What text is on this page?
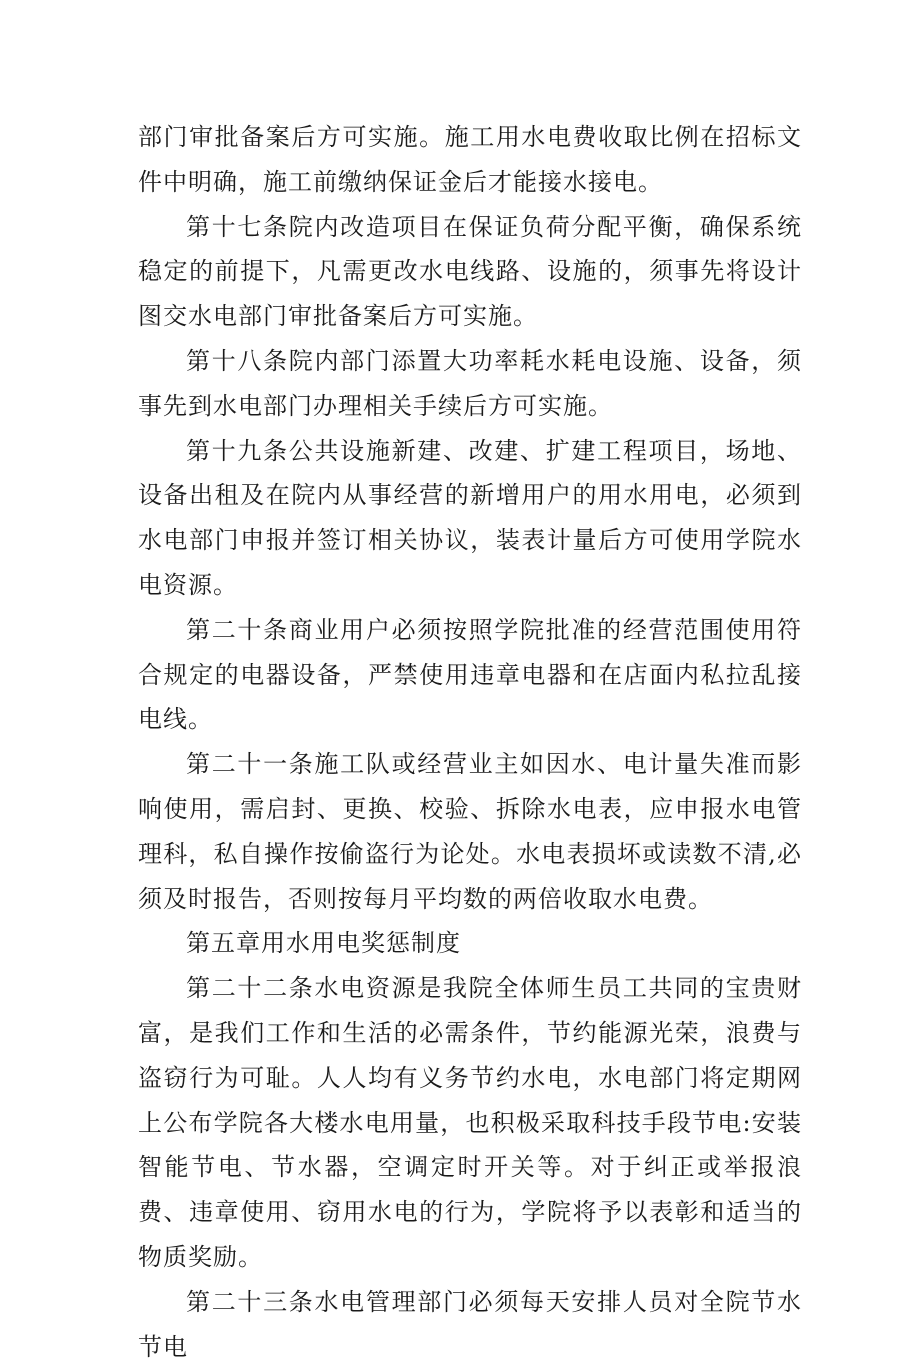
部门审批备案后方可实施。施工用水电费收取比例在招标文件中明确，施工前缴纳保证金后才能接水接电。

第十七条院内改造项目在保证负荷分配平衡，确保系统稳定的前提下，凡需更改水电线路、设施的，须事先将设计图交水电部门审批备案后方可实施。

第十八条院内部门添置大功率耗水耗电设施、设备，须事先到水电部门办理相关手续后方可实施。

第十九条公共设施新建、改建、扩建工程项目，场地、设备出租及在院内从事经营的新增用户的用水用电，必须到水电部门申报并签订相关协议，装表计量后方可使用学院水电资源。

第二十条商业用户必须按照学院批准的经营范围使用符合规定的电器设备，严禁使用违章电器和在店面内私拉乱接电线。

第二十一条施工队或经营业主如因水、电计量失准而影响使用，需启封、更换、校验、拆除水电表，应申报水电管理科，私自操作按偷盗行为论处。水电表损坏或读数不清,必须及时报告，否则按每月平均数的两倍收取水电费。

第五章用水用电奖惩制度

第二十二条水电资源是我院全体师生员工共同的宝贵财富，是我们工作和生活的必需条件，节约能源光荣，浪费与盗窃行为可耻。人人均有义务节约水电，水电部门将定期网上公布学院各大楼水电用量，也积极采取科技手段节电:安装智能节电、节水器，空调定时开关等。对于纠正或举报浪费、违章使用、窃用水电的行为，学院将予以表彰和适当的物质奖励。

第二十三条水电管理部门必须每天安排人员对全院节水节电
